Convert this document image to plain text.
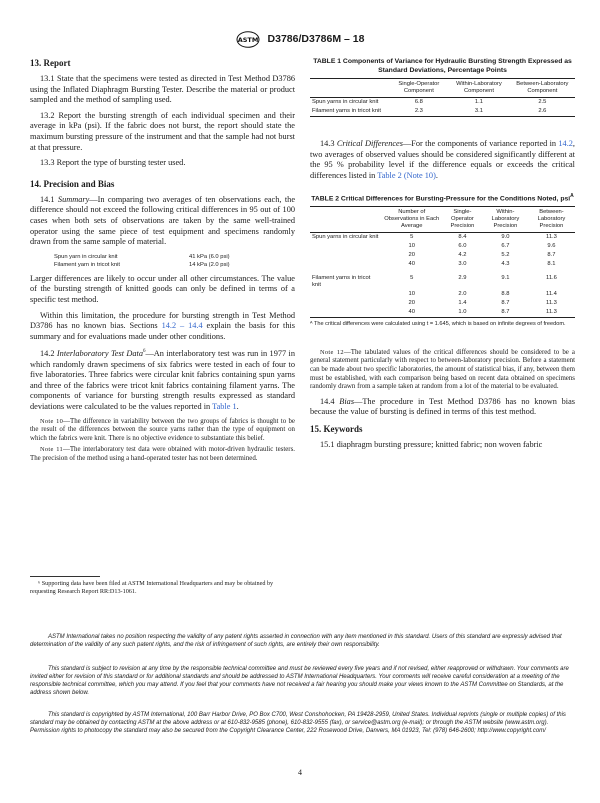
ASTM D3786/D3786M – 18
13. Report

13.1 State that the specimens were tested as directed in Test Method D3786 using the Inflated Diaphragm Bursting Tester. Describe the material or product sampled and the method of sampling used.

13.2 Report the bursting strength of each individual specimen and their average in kPa (psi). If the fabric does not burst, the report should state the maximum bursting pressure of the instrument and that the sample had not burst at that pressure.

13.3 Report the type of bursting tester used.

14. Precision and Bias

14.1 Summary—In comparing two averages of ten observations each, the difference should not exceed the following critical differences in 95 out of 100 cases when both sets of observations are taken by the same well-trained operator using the same piece of test equipment and specimens randomly drawn from the same sample of material.

Spun yarn in circular knit	41 kPa (6.0 psi)
Filament yarn in tricot knit	14 kPa (2.0 psi)

Larger differences are likely to occur under all other circumstances. The value of the bursting strength of knitted goods can only be defined in terms of a specific test method.

Within this limitation, the procedure for bursting strength in Test Method D3786 has no known bias. Sections 14.2 – 14.4 explain the basis for this summary and for evaluations made under other conditions.

14.2 Interlaboratory Test Data$^6$—An interlaboratory test was run in 1977 in which randomly drawn specimens of six fabrics were tested in each of four to five laboratories. Three fabrics were circular knit fabrics containing spun yarns and three of the fabrics were tricot knit fabrics containing filament yarns. The components of variance for bursting strength results expressed as standard deviations were calculated to be the values reported in Table 1.

Note 10—The difference in variability between the two groups of fabrics is thought to be the result of the differences between the source yarns rather than the type of equipment on which the fabrics were knit. There is no objective evidence to substantiate this belief.

Note 11—The interlaboratory test data were obtained with motor-driven hydraulic testers. The precision of the method using a hand-operated tester has not been determined.

⁶ Supporting data have been filed at ASTM International Headquarters and may be obtained by requesting Research Report RR:D13-1061.
TABLE 1 Components of Variance for Hydraulic Bursting Strength Expressed as Standard Deviations, Percentage Points
	Single-Operator Component	Within-Laboratory Component	Between-Laboratory Component
Spun yarns in circular knit	6.8	1.1	2.5
Filament yarns in tricot knit	2.3	3.1	2.6

14.3 Critical Differences—For the components of variance reported in 14.2, two averages of observed values should be considered significantly different at the 95 % probability level if the difference equals or exceeds the critical differences listed in Table 2 (Note 10).

TABLE 2 Critical Differences for Bursting-Pressure for the Conditions Noted, psi$^A$
	Number of Observations in Each Average	Single-Operator Precision	Within-Laboratory Precision	Between-Laboratory Precision
Spun yarns in circular knit	5	8.4	9.0	11.3
	10	6.0	6.7	9.6
	20	4.2	5.2	8.7
	40	3.0	4.3	8.1
Filament yarns in tricot knit	5	2.9	9.1	11.6
	10	2.0	8.8	11.4
	20	1.4	8.7	11.3
	40	1.0	8.7	11.3
ᴬ The critical differences were calculated using t = 1.645, which is based on infinite degrees of freedom.

Note 12—The tabulated values of the critical differences should be considered to be a general statement particularly with respect to between-laboratory precision. Before a statement can be made about two specific laboratories, the amount of statistical bias, if any, between them must be established, with each comparison being based on recent data obtained on specimens randomly drawn from a sample taken at random from a lot of the material to be evaluated.

14.4 Bias—The procedure in Test Method D3786 has no known bias because the value of bursting is defined in terms of this test method.

15. Keywords

15.1 diaphragm bursting pressure; knitted fabric; non woven fabric

ASTM International takes no position respecting the validity of any patent rights asserted in connection with any item mentioned in this standard. Users of this standard are expressly advised that determination of the validity of any such patent rights, and the risk of infringement of such rights, are entirely their own responsibility.
This standard is subject to revision at any time by the responsible technical committee and must be reviewed every five years and if not revised, either reapproved or withdrawn. Your comments are invited either for revision of this standard or for additional standards and should be addressed to ASTM International Headquarters. Your comments will receive careful consideration at a meeting of the responsible technical committee, which you may attend. If you feel that your comments have not received a fair hearing you should make your views known to the ASTM Committee on Standards, at the address shown below.
This standard is copyrighted by ASTM International, 100 Barr Harbor Drive, PO Box C700, West Conshohocken, PA 19428-2959, United States. Individual reprints (single or multiple copies) of this standard may be obtained by contacting ASTM at the above address or at 610-832-9585 (phone), 610-832-9555 (fax), or service@astm.org (e-mail); or through the ASTM website (www.astm.org). Permission rights to photocopy the standard may also be secured from the Copyright Clearance Center, 222 Rosewood Drive, Danvers, MA 01923, Tel: (978) 646-2600; http://www.copyright.com/
4
